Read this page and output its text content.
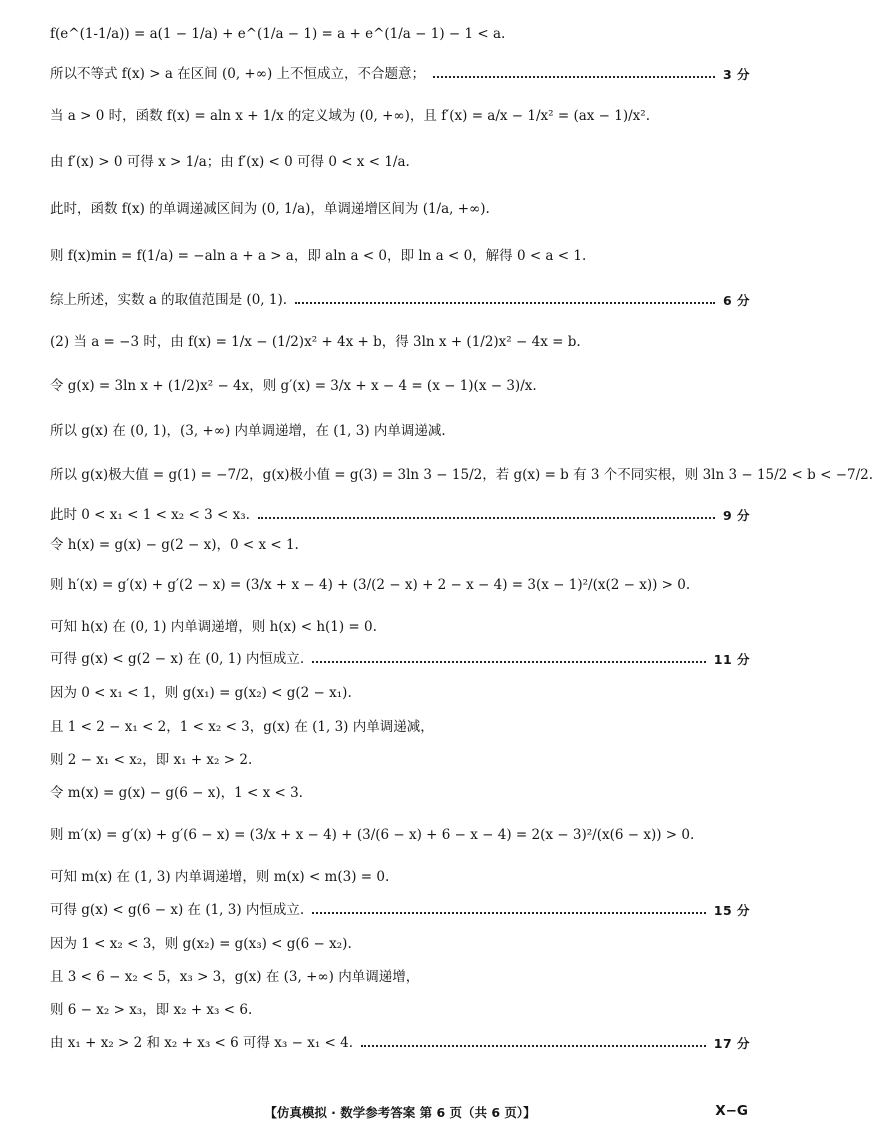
f(e^(1-1/a)) = a(1 − 1/a) + e^(1/a − 1) = a + e^(1/a − 1) − 1 < a.
所以不等式 f(x) > a 在区间 (0, +∞) 上不恒成立，不合题意；	3 分
当 a > 0 时，函数 f(x) = aln x + 1/x 的定义域为 (0, +∞)，且 f′(x) = a/x − 1/x² = (ax − 1)/x².
由 f′(x) > 0 可得 x > 1/a；由 f′(x) < 0 可得 0 < x < 1/a.
此时，函数 f(x) 的单调递减区间为 (0, 1/a)，单调递增区间为 (1/a, +∞).
则 f(x)min = f(1/a) = −aln a + a > a，即 aln a < 0，即 ln a < 0，解得 0 < a < 1.
综上所述，实数 a 的取值范围是 (0, 1).	6 分
(2) 当 a = −3 时，由 f(x) = 1/x − (1/2)x² + 4x + b，得 3ln x + (1/2)x² − 4x = b.
令 g(x) = 3ln x + (1/2)x² − 4x，则 g′(x) = 3/x + x − 4 = (x − 1)(x − 3)/x.
所以 g(x) 在 (0, 1)，(3, +∞) 内单调递增，在 (1, 3) 内单调递减.
所以 g(x)极大值 = g(1) = −7/2，g(x)极小值 = g(3) = 3ln 3 − 15/2，若 g(x) = b 有 3 个不同实根，则 3ln 3 − 15/2 < b < −7/2.
此时 0 < x₁ < 1 < x₂ < 3 < x₃.	9 分
令 h(x) = g(x) − g(2 − x)，0 < x < 1.
则 h′(x) = g′(x) + g′(2 − x) = (3/x + x − 4) + (3/(2 − x) + 2 − x − 4) = 3(x − 1)²/(x(2 − x)) > 0.
可知 h(x) 在 (0, 1) 内单调递增，则 h(x) < h(1) = 0.
可得 g(x) < g(2 − x) 在 (0, 1) 内恒成立.	11 分
因为 0 < x₁ < 1，则 g(x₁) = g(x₂) < g(2 − x₁).
且 1 < 2 − x₁ < 2，1 < x₂ < 3，g(x) 在 (1, 3) 内单调递减，
则 2 − x₁ < x₂，即 x₁ + x₂ > 2.
令 m(x) = g(x) − g(6 − x)，1 < x < 3.
则 m′(x) = g′(x) + g′(6 − x) = (3/x + x − 4) + (3/(6 − x) + 6 − x − 4) = 2(x − 3)²/(x(6 − x)) > 0.
可知 m(x) 在 (1, 3) 内单调递增，则 m(x) < m(3) = 0.
可得 g(x) < g(6 − x) 在 (1, 3) 内恒成立.	15 分
因为 1 < x₂ < 3，则 g(x₂) = g(x₃) < g(6 − x₂).
且 3 < 6 − x₂ < 5，x₃ > 3，g(x) 在 (3, +∞) 内单调递增，
则 6 − x₂ > x₃，即 x₂ + x₃ < 6.
由 x₁ + x₂ > 2 和 x₂ + x₃ < 6 可得 x₃ − x₁ < 4.	17 分
【仿真模拟 · 数学参考答案 第 6 页（共 6 页）】	X−G
